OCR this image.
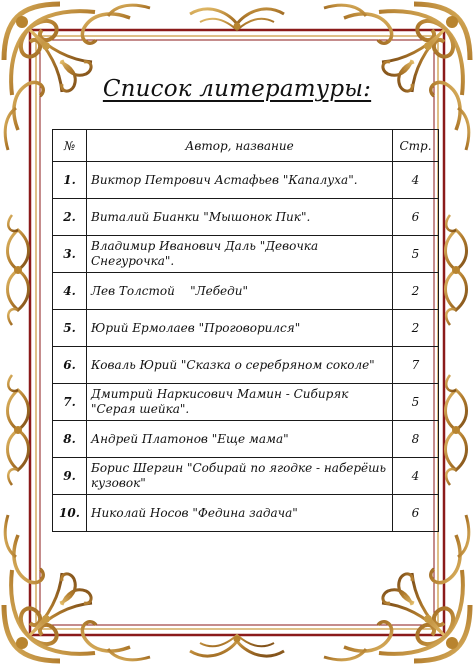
Список литературы:
№	Автор, название	Стр.
1.	Виктор Петрович Астафьев "Капалуха".	4
2.	Виталий Бианки "Мышонок Пик".	6
3.	Владимир Иванович Даль "Девочка Снегурочка".	5
4.	Лев Толстой    "Лебеди"	2
5.	Юрий Ермолаев "Проговорился"	2
6.	Коваль Юрий "Сказка о серебряном соколе"	7
7.	Дмитрий Наркисович Мамин - Сибиряк "Серая шейка".	5
8.	Андрей Платонов "Еще мама"	8
9.	Борис Шергин "Собирай по ягодке - наберёшь кузовок"	4
10.	Николай Носов "Федина задача"	6
